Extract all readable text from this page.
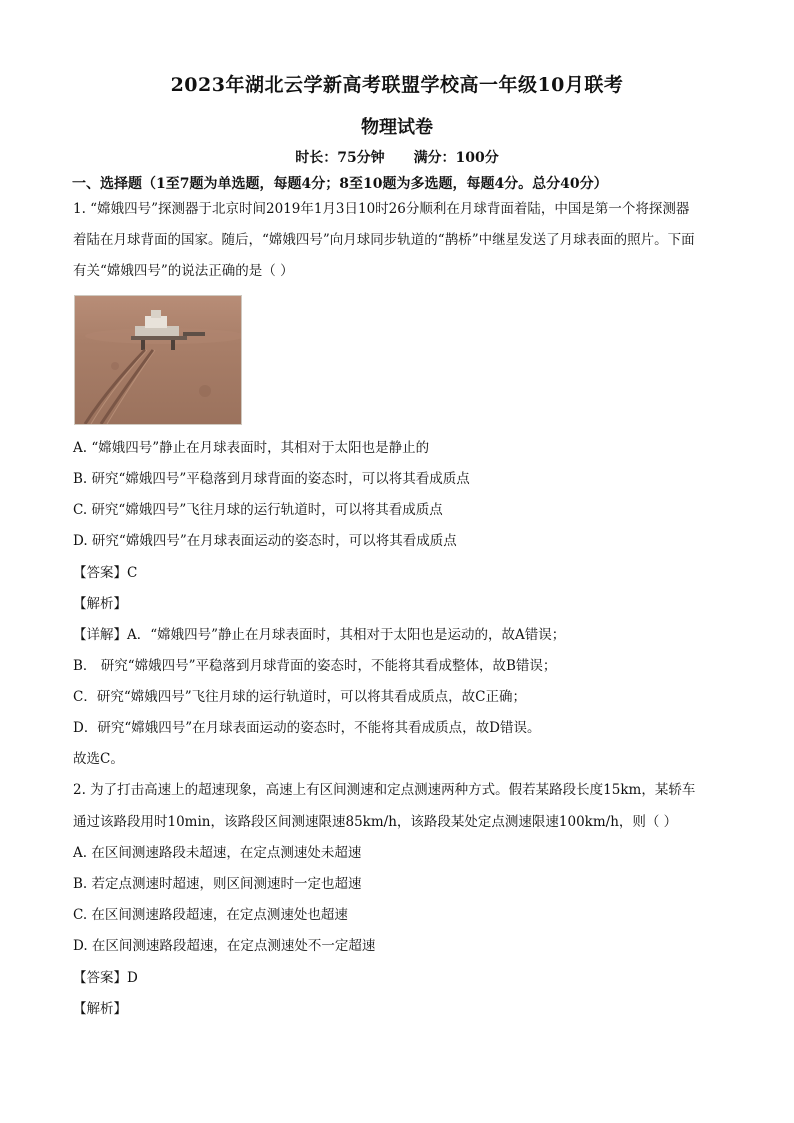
2023年湖北云学新高考联盟学校高一年级10月联考
物理试卷
时长：75分钟 满分：100分
一、选择题（1至7题为单选题，每题4分；8至10题为多选题，每题4分。总分40分）
1. “嫦娥四号”探测器于北京时间2019年1月3日10时26分顺利在月球背面着陆，中国是第一个将探测器
着陆在月球背面的国家。随后，“嫦娥四号”向月球同步轨道的“鹊桥”中继星发送了月球表面的照片。下面
有关“嫦娥四号”的说法正确的是（ ）
A. “嫦娥四号”静止在月球表面时，其相对于太阳也是静止的
B. 研究“嫦娥四号”平稳落到月球背面的姿态时，可以将其看成质点
C. 研究“嫦娥四号”飞往月球的运行轨道时，可以将其看成质点
D. 研究“嫦娥四号”在月球表面运动的姿态时，可以将其看成质点
【答案】C
【解析】
【详解】A．“嫦娥四号”静止在月球表面时，其相对于太阳也是运动的，故A错误；
B． 研究“嫦娥四号”平稳落到月球背面的姿态时，不能将其看成整体，故B错误；
C．研究“嫦娥四号”飞往月球的运行轨道时，可以将其看成质点，故C正确；
D．研究“嫦娥四号”在月球表面运动的姿态时，不能将其看成质点，故D错误。
故选C。
2. 为了打击高速上的超速现象，高速上有区间测速和定点测速两种方式。假若某路段长度15km，某轿车
通过该路段用时10min，该路段区间测速限速85km/h，该路段某处定点测速限速100km/h，则（ ）
A. 在区间测速路段未超速，在定点测速处未超速
B. 若定点测速时超速，则区间测速时一定也超速
C. 在区间测速路段超速，在定点测速处也超速
D. 在区间测速路段超速，在定点测速处不一定超速
【答案】D
【解析】
